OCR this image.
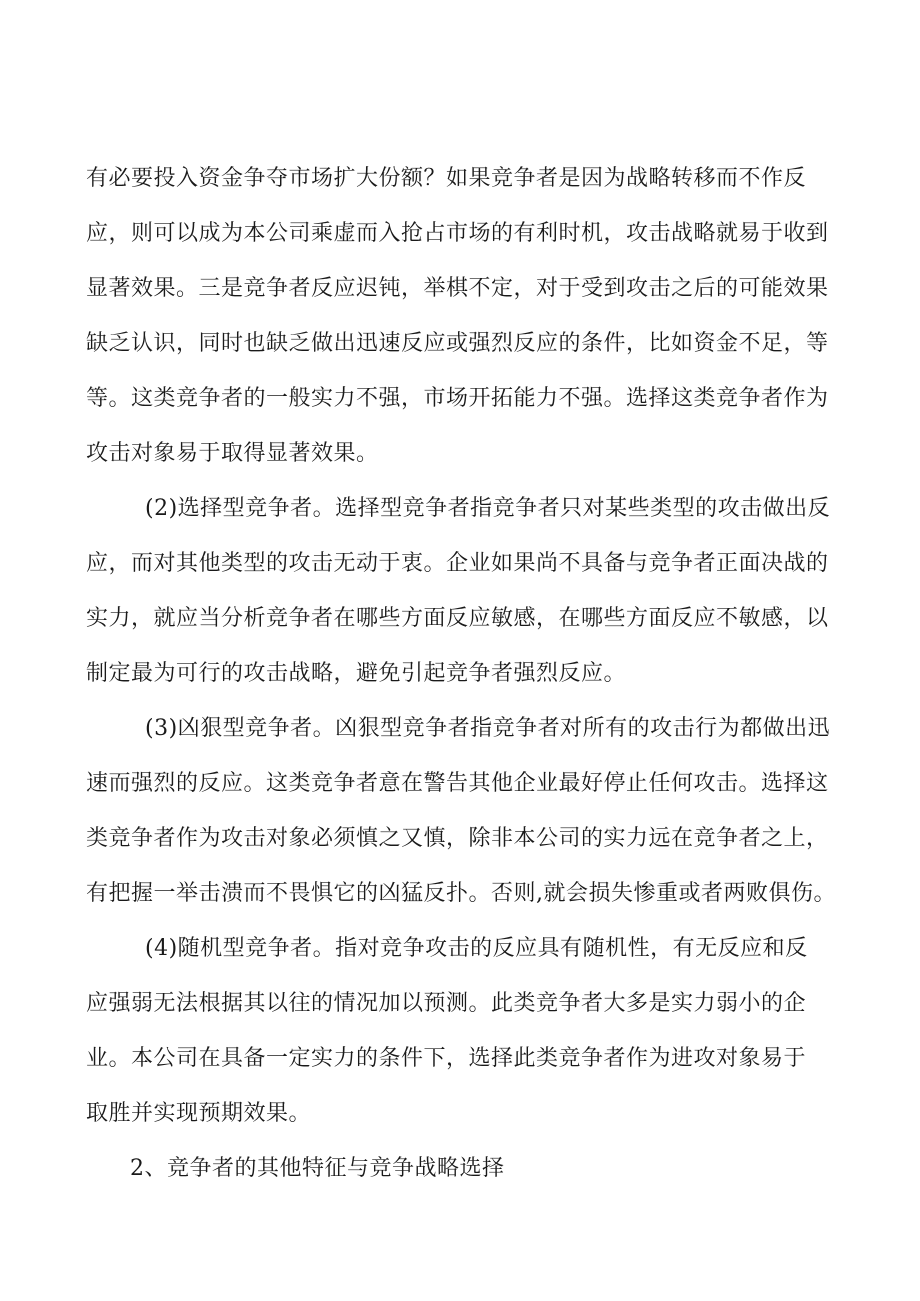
有必要投入资金争夺市场扩大份额？如果竞争者是因为战略转移而不作反
应，则可以成为本公司乘虚而入抢占市场的有利时机，攻击战略就易于收到
显著效果。三是竞争者反应迟钝，举棋不定，对于受到攻击之后的可能效果
缺乏认识，同时也缺乏做出迅速反应或强烈反应的条件，比如资金不足，等
等。这类竞争者的一般实力不强，市场开拓能力不强。选择这类竞争者作为
攻击对象易于取得显著效果。
(2)选择型竞争者。选择型竞争者指竞争者只对某些类型的攻击做出反
应，而对其他类型的攻击无动于衷。企业如果尚不具备与竞争者正面决战的
实力，就应当分析竞争者在哪些方面反应敏感，在哪些方面反应不敏感，以
制定最为可行的攻击战略，避免引起竞争者强烈反应。
(3)凶狠型竞争者。凶狠型竞争者指竞争者对所有的攻击行为都做出迅
速而强烈的反应。这类竞争者意在警告其他企业最好停止任何攻击。选择这
类竞争者作为攻击对象必须慎之又慎，除非本公司的实力远在竞争者之上，
有把握一举击溃而不畏惧它的凶猛反扑。否则,就会损失惨重或者两败俱伤。
(4)随机型竞争者。指对竞争攻击的反应具有随机性，有无反应和反
应强弱无法根据其以往的情况加以预测。此类竞争者大多是实力弱小的企
业。本公司在具备一定实力的条件下，选择此类竞争者作为进攻对象易于
取胜并实现预期效果。
2、竞争者的其他特征与竞争战略选择
